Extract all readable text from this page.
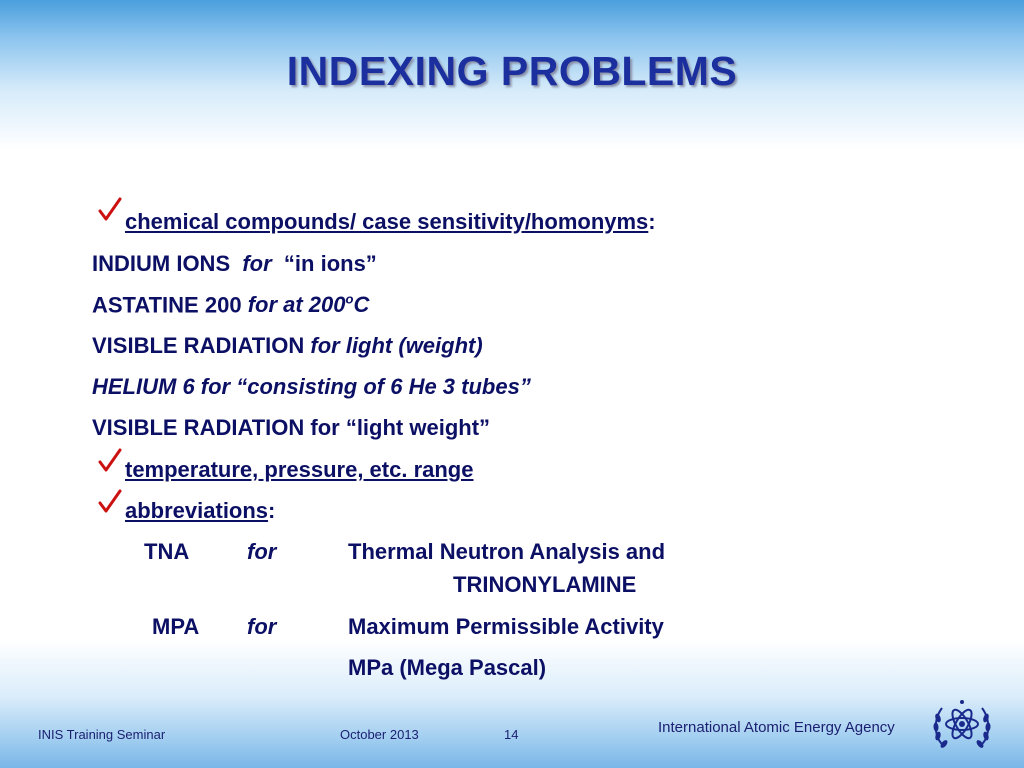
INDEXING PROBLEMS
chemical compounds/ case sensitivity/homonyms:
INDIUM IONS for “in ions”
ASTATINE 200 for at 200$^o$C
VISIBLE RADIATION for light (weight)
HELIUM 6 for “consisting of 6 He 3 tubes”
VISIBLE RADIATION for “light weight”
temperature, pressure, etc. range
abbreviations:
TNA	for	Thermal Neutron Analysis and
TRINONYLAMINE
MPA for	Maximum Permissible Activity
MPa (Mega Pascal)
INIS Training Seminar	October 2013	14	International Atomic Energy Agency
